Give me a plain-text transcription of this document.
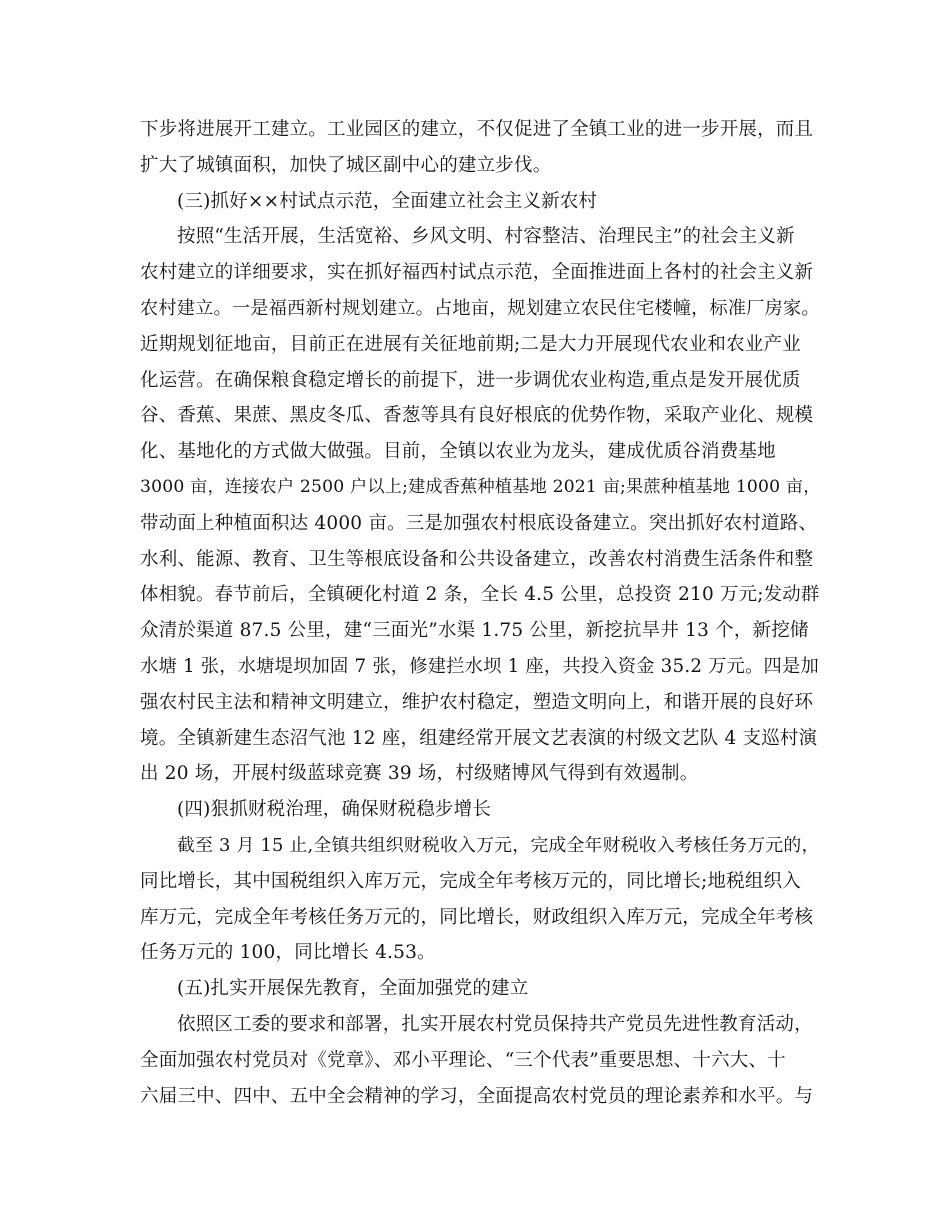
下步将进展开工建立。工业园区的建立，不仅促进了全镇工业的进一步开展，而且
扩大了城镇面积，加快了城区副中心的建立步伐。
(三)抓好××村试点示范，全面建立社会主义新农村
按照“生活开展，生活宽裕、乡风文明、村容整洁、治理民主”的社会主义新
农村建立的详细要求，实在抓好福西村试点示范，全面推进面上各村的社会主义新
农村建立。一是福西新村规划建立。占地亩，规划建立农民住宅楼幢，标准厂房家。
近期规划征地亩，目前正在进展有关征地前期;二是大力开展现代农业和农业产业
化运营。在确保粮食稳定增长的前提下，进一步调优农业构造,重点是发开展优质
谷、香蕉、果蔗、黑皮冬瓜、香葱等具有良好根底的优势作物，采取产业化、规模
化、基地化的方式做大做强。目前，全镇以农业为龙头，建成优质谷消费基地
3000 亩，连接农户 2500 户以上;建成香蕉种植基地 2021 亩;果蔗种植基地 1000 亩，
带动面上种植面积达 4000 亩。三是加强农村根底设备建立。突出抓好农村道路、
水利、能源、教育、卫生等根底设备和公共设备建立，改善农村消费生活条件和整
体相貌。春节前后，全镇硬化村道 2 条，全长 4.5 公里，总投资 210 万元;发动群
众清於渠道 87.5 公里，建“三面光”水渠 1.75 公里，新挖抗旱井 13 个，新挖储
水塘 1 张，水塘堤坝加固 7 张，修建拦水坝 1 座，共投入资金 35.2 万元。四是加
强农村民主法和精神文明建立，维护农村稳定，塑造文明向上，和谐开展的良好环
境。全镇新建生态沼气池 12 座，组建经常开展文艺表演的村级文艺队 4 支巡村演
出 20 场，开展村级蓝球竞赛 39 场，村级赌博风气得到有效遏制。
(四)狠抓财税治理，确保财税稳步增长
截至 3 月 15 止,全镇共组织财税收入万元，完成全年财税收入考核任务万元的，
同比增长，其中国税组织入库万元，完成全年考核万元的，同比增长;地税组织入
库万元，完成全年考核任务万元的，同比增长，财政组织入库万元，完成全年考核
任务万元的 100，同比增长 4.53。
(五)扎实开展保先教育，全面加强党的建立
依照区工委的要求和部署，扎实开展农村党员保持共产党员先进性教育活动，
全面加强农村党员对《党章》、邓小平理论、“三个代表”重要思想、十六大、十
六届三中、四中、五中全会精神的学习，全面提高农村党员的理论素养和水平。与
